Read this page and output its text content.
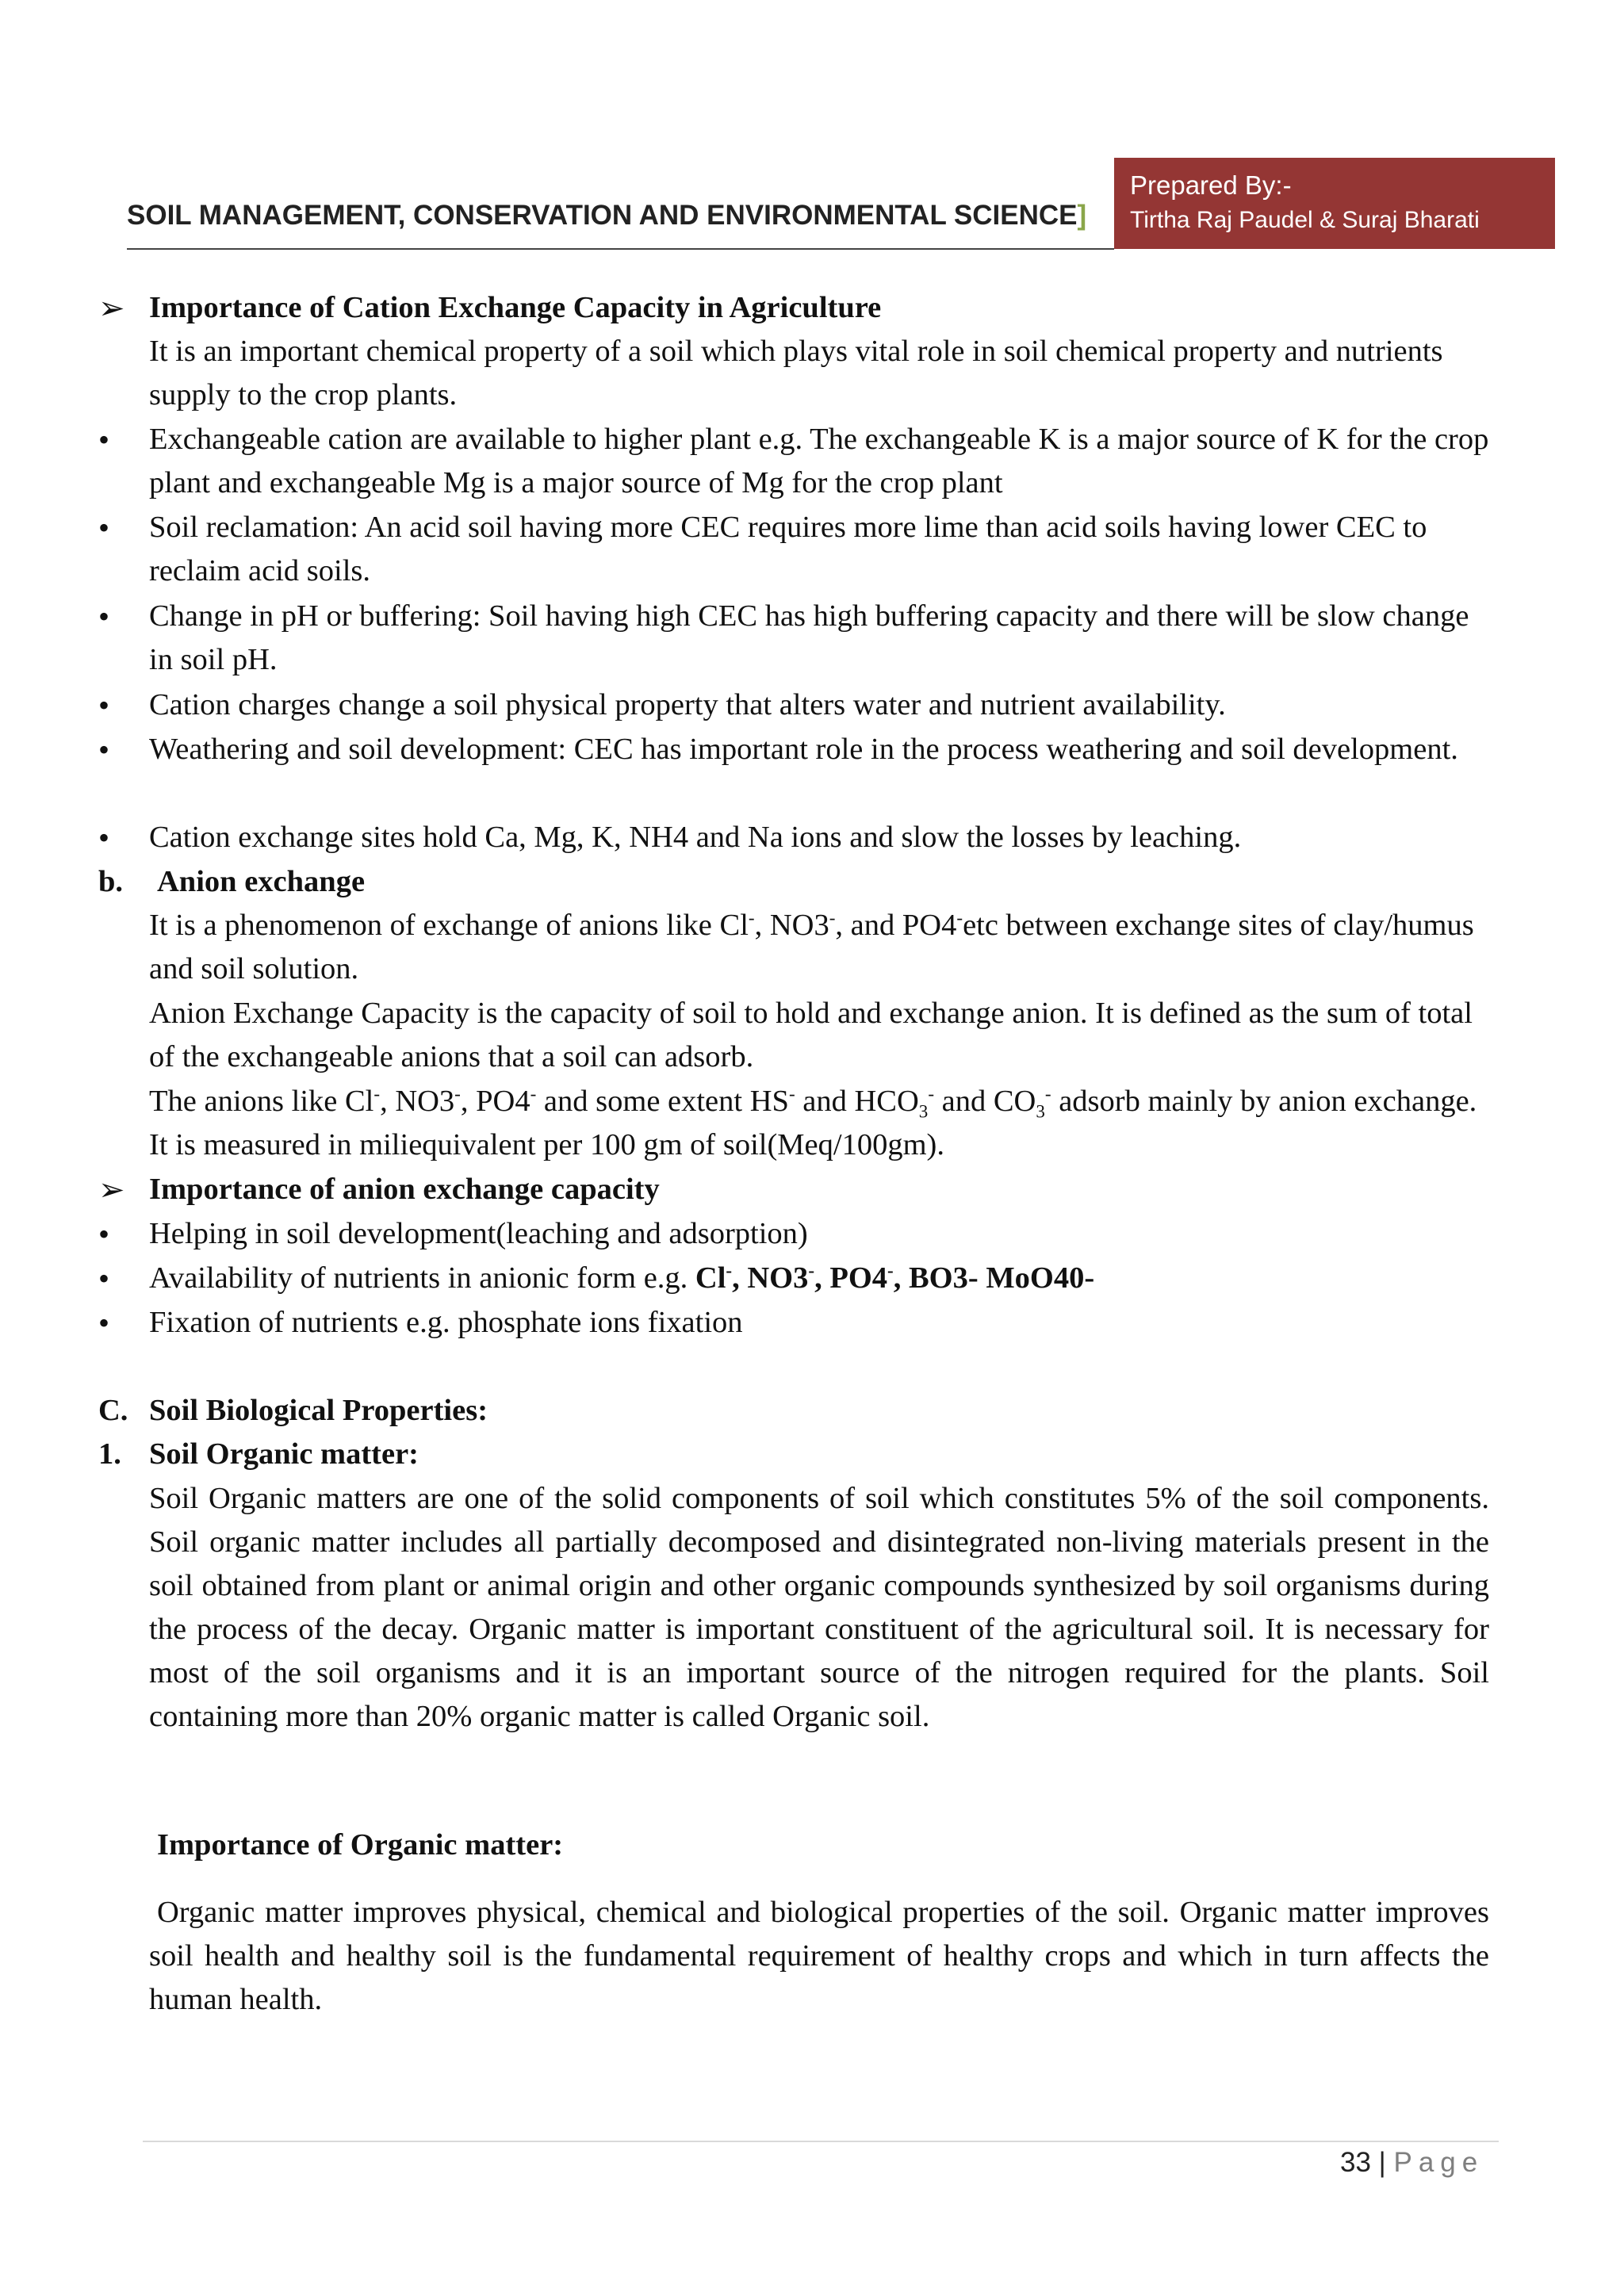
SOIL MANAGEMENT, CONSERVATION AND ENVIRONMENTAL SCIENCE]
Prepared By:-
Tirtha Raj Paudel & Suraj Bharati
➢ Importance of Cation Exchange Capacity in Agriculture
It is an important chemical property of a soil which plays vital role in soil chemical property and nutrients supply to the crop plants.
• Exchangeable cation are available to higher plant e.g. The exchangeable K is a major source of K for the crop plant and exchangeable Mg is a major source of Mg for the crop plant
• Soil reclamation: An acid soil having more CEC requires more lime than acid soils having lower CEC to reclaim acid soils.
• Change in pH or buffering: Soil having high CEC has high buffering capacity and there will be slow change in soil pH.
• Cation charges change a soil physical property that alters water and nutrient availability.
• Weathering and soil development: CEC has important role in the process weathering and soil development.
• Cation exchange sites hold Ca, Mg, K, NH4 and Na ions and slow the losses by leaching.
b. Anion exchange
It is a phenomenon of exchange of anions like Cl-, NO3-, and PO4-etc between exchange sites of clay/humus and soil solution.
Anion Exchange Capacity is the capacity of soil to hold and exchange anion. It is defined as the sum of total of the exchangeable anions that a soil can adsorb.
The anions like Cl-, NO3-, PO4- and some extent HS- and $HCO_3^-$ and $CO_3^-$ adsorb mainly by anion exchange. It is measured in miliequivalent per 100 gm of soil(Meq/100gm).
➢ Importance of anion exchange capacity
• Helping in soil development(leaching and adsorption)
• Availability of nutrients in anionic form e.g. Cl-, NO3-, PO4-, BO3- MoO40-
• Fixation of nutrients e.g. phosphate ions fixation
C. Soil Biological Properties:
1. Soil Organic matter:
Soil Organic matters are one of the solid components of soil which constitutes 5% of the soil components. Soil organic matter includes all partially decomposed and disintegrated non-living materials present in the soil obtained from plant or animal origin and other organic compounds synthesized by soil organisms during the process of the decay. Organic matter is important constituent of the agricultural soil. It is necessary for most of the soil organisms and it is an important source of the nitrogen required for the plants. Soil containing more than 20% organic matter is called Organic soil.
Importance of Organic matter:
Organic matter improves physical, chemical and biological properties of the soil. Organic matter improves soil health and healthy soil is the fundamental requirement of healthy crops and which in turn affects the human health.
33 | Page
